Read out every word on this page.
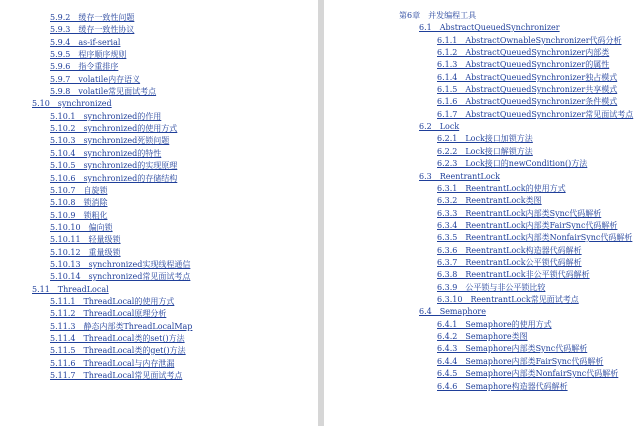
5.9.2　缓存一致性问题
5.9.3　缓存一致性协议
5.9.4　as-if-serial
5.9.5　程序顺序规则
5.9.6　指令重排序
5.9.7　volatile内存语义
5.9.8　volatile常见面试考点
5.10　synchronized
5.10.1　synchronized的作用
5.10.2　synchronized的使用方式
5.10.3　synchronized死锁问题
5.10.4　synchronized的特性
5.10.5　synchronized的实现原理
5.10.6　synchronized的存储结构
5.10.7　自旋锁
5.10.8　锁消除
5.10.9　锁粗化
5.10.10　偏向锁
5.10.11　轻量级锁
5.10.12　重量级锁
5.10.13　synchronized实现线程通信
5.10.14　synchronized常见面试考点
5.11　ThreadLocal
5.11.1　ThreadLocal的使用方式
5.11.2　ThreadLocal原理分析
5.11.3　静态内部类ThreadLocalMap
5.11.4　ThreadLocal类的set()方法
5.11.5　ThreadLocal类的get()方法
5.11.6　ThreadLocal与内存泄漏
5.11.7　ThreadLocal常见面试考点
第6章　并发编程工具
6.1　AbstractQueuedSynchronizer
6.1.1　AbstractOwnableSynchronizer代码分析
6.1.2　AbstractQueuedSynchronizer内部类
6.1.3　AbstractQueuedSynchronizer的属性
6.1.4　AbstractQueuedSynchronizer独占模式
6.1.5　AbstractQueuedSynchronizer共享模式
6.1.6　AbstractQueuedSynchronizer条件模式
6.1.7　AbstractQueuedSynchronizer常见面试考点
6.2　Lock
6.2.1　Lock接口加锁方法
6.2.2　Lock接口解锁方法
6.2.3　Lock接口的newCondition()方法
6.3　ReentrantLock
6.3.1　ReentrantLock的使用方式
6.3.2　ReentrantLock类图
6.3.3　ReentrantLock内部类Sync代码解析
6.3.4　ReentrantLock内部类FairSync代码解析
6.3.5　ReentrantLock内部类NonfairSync代码解析
6.3.6　ReentrantLock构造器代码解析
6.3.7　ReentrantLock公平锁代码解析
6.3.8　ReentrantLock非公平锁代码解析
6.3.9　公平锁与非公平锁比较
6.3.10　ReentrantLock常见面试考点
6.4　Semaphore
6.4.1　Semaphore的使用方式
6.4.2　Semaphore类图
6.4.3　Semaphore内部类Sync代码解析
6.4.4　Semaphore内部类FairSync代码解析
6.4.5　Semaphore内部类NonfairSync代码解析
6.4.6　Semaphore构造器代码解析
